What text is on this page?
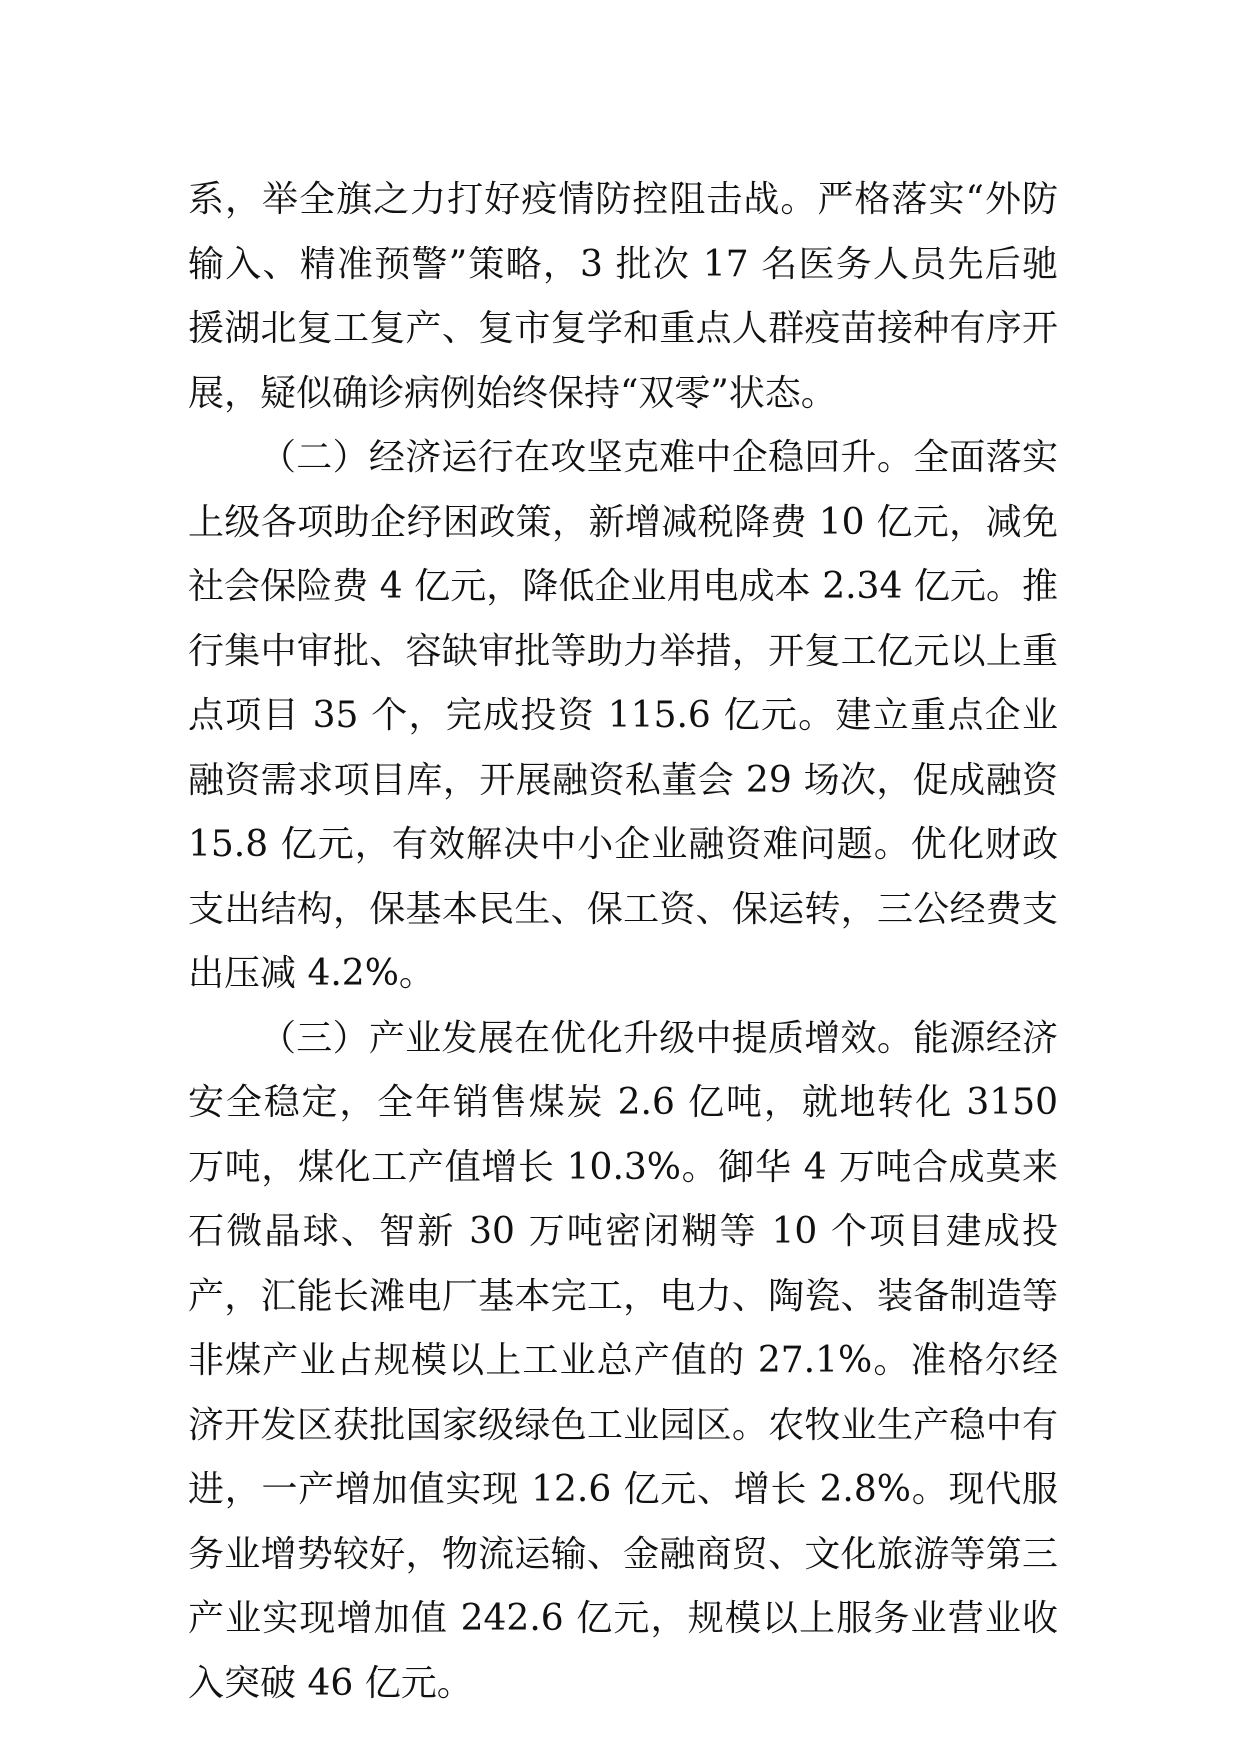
系，举全旗之力打好疫情防控阻击战。严格落实“外防输入、精准预警”策略，3 批次 17 名医务人员先后驰援湖北复工复产、复市复学和重点人群疫苗接种有序开展，疑似确诊病例始终保持“双零”状态。

（二）经济运行在攻坚克难中企稳回升。全面落实上级各项助企纾困政策，新增减税降费 10 亿元，减免社会保险费 4 亿元，降低企业用电成本 2.34 亿元。推行集中审批、容缺审批等助力举措，开复工亿元以上重点项目 35 个，完成投资 115.6 亿元。建立重点企业融资需求项目库，开展融资私董会 29 场次，促成融资 15.8 亿元，有效解决中小企业融资难问题。优化财政支出结构，保基本民生、保工资、保运转，三公经费支出压减 4.2%。

（三）产业发展在优化升级中提质增效。能源经济安全稳定，全年销售煤炭 2.6 亿吨，就地转化 3150 万吨，煤化工产值增长 10.3%。御华 4 万吨合成莫来石微晶球、智新 30 万吨密闭糊等 10 个项目建成投产，汇能长滩电厂基本完工，电力、陶瓷、装备制造等非煤产业占规模以上工业总产值的 27.1%。准格尔经济开发区获批国家级绿色工业园区。农牧业生产稳中有进，一产增加值实现 12.6 亿元、增长 2.8%。现代服务业增势较好，物流运输、金融商贸、文化旅游等第三产业实现增加值 242.6 亿元，规模以上服务业营业收入突破 46 亿元。
